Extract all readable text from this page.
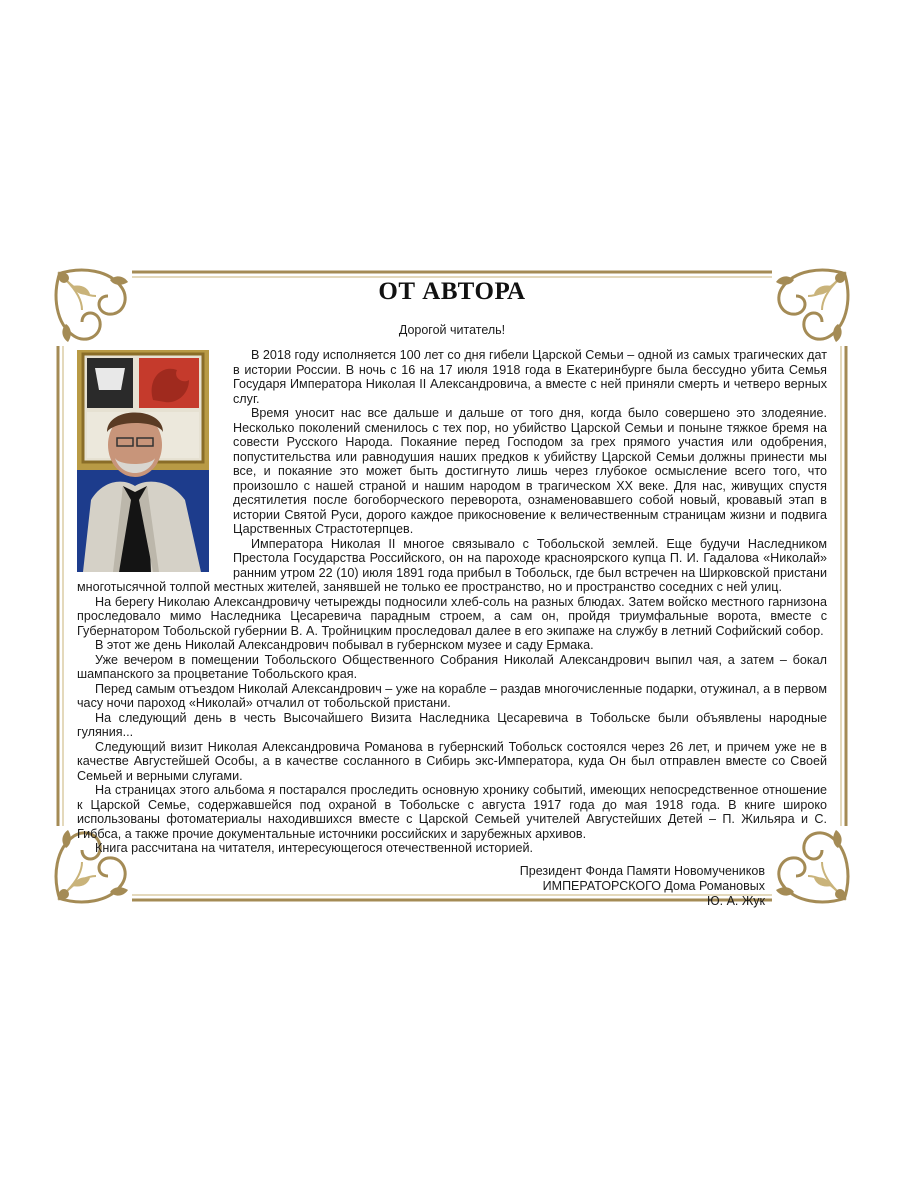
ОТ АВТОРА
Дорогой читатель!

В 2018 году исполняется 100 лет со дня гибели Царской Семьи – одной из самых трагических дат в истории России. В ночь с 16 на 17 июля 1918 года в Екатеринбурге была бессудно убита Семья Государя Императора Николая II Александровича, а вместе с ней приняли смерть и четверо верных слуг.

Время уносит нас все дальше и дальше от того дня, когда было совершено это злодеяние. Несколько поколений сменилось с тех пор, но убийство Царской Семьи и поныне тяжкое бремя на совести Русского Народа. Покаяние перед Господом за грех прямого участия или одобрения, попустительства или равнодушия наших предков к убийству Царской Семьи должны принести мы все, и покаяние это может быть достигнуто лишь через глубокое осмысление всего того, что произошло с нашей страной и нашим народом в трагическом XX веке. Для нас, живущих спустя десятилетия после богоборческого переворота, ознаменовавшего собой новый, кровавый этап в истории Святой Руси, дорого каждое прикосновение к величественным страницам жизни и подвига Царственных Страстотерпцев.

Императора Николая II многое связывало с Тобольской землей. Еще будучи Наследником Престола Государства Российского, он на пароходе красноярского купца П. И. Гадалова «Николай» ранним утром 22 (10) июля 1891 года прибыл в Тобольск, где был встречен на Ширковской пристани многотысячной толпой местных жителей, занявшей не только ее пространство, но и пространство соседних с ней улиц.

На берегу Николаю Александровичу четырежды подносили хлеб-соль на разных блюдах. Затем войско местного гарнизона проследовало мимо Наследника Цесаревича парадным строем, а сам он, пройдя триумфальные ворота, вместе с Губернатором Тобольской губернии В. А. Тройницким проследовал далее в его экипаже на службу в летний Софийский собор.

В этот же день Николай Александрович побывал в губернском музее и саду Ермака.

Уже вечером в помещении Тобольского Общественного Собрания Николай Александрович выпил чая, а затем – бокал шампанского за процветание Тобольского края.

Перед самым отъездом Николай Александрович – уже на корабле – раздав многочисленные подарки, отужинал, а в первом часу ночи пароход «Николай» отчалил от тобольской пристани.

На следующий день в честь Высочайшего Визита Наследника Цесаревича в Тобольске были объявлены народные гуляния...

Следующий визит Николая Александровича Романова в губернский Тобольск состоялся через 26 лет, и причем уже не в качестве Августейшей Особы, а в качестве сосланного в Сибирь экс-Императора, куда Он был отправлен вместе со Своей Семьей и верными слугами.

На страницах этого альбома я постарался проследить основную хронику событий, имеющих непосредственное отношение к Царской Семье, содержавшейся под охраной в Тобольске с августа 1917 года до мая 1918 года. В книге широко использованы фотоматериалы находившихся вместе с Царской Семьей учителей Августейших Детей – П. Жильяра и С. Гиббса, а также прочие документальные источники российских и зарубежных архивов.

Книга рассчитана на читателя, интересующегося отечественной историей.

Президент Фонда Памяти Новомучеников
ИМПЕРАТОРСКОГО Дома Романовых
Ю. А. Жук
